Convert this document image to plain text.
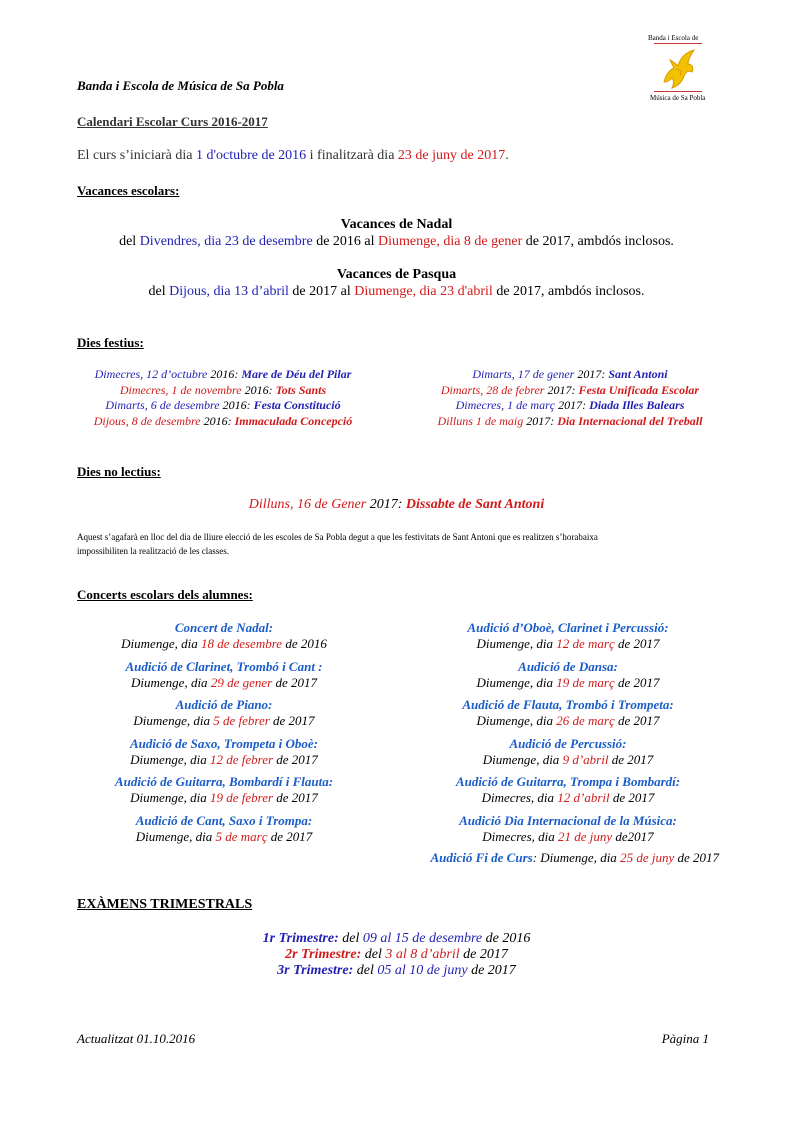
Banda i Escola de
Música de Sa Pobla
Banda i Escola de Música de Sa Pobla
Calendari Escolar Curs 2016-2017
El curs s’iniciarà dia 1 d'octubre de 2016 i finalitzarà dia 23 de juny de 2017.
Vacances escolars:
Vacances de Nadal
del Divendres, dia 23 de desembre de 2016 al Diumenge, dia 8 de gener de 2017, ambdós inclosos.
Vacances de Pasqua
del Dijous, dia 13 d’abril de 2017 al Diumenge, dia 23 d'abril de 2017, ambdós inclosos.
Dies festius:
Dimecres, 12 d’octubre 2016: Mare de Déu del Pilar
Dimecres, 1 de novembre 2016: Tots Sants
Dimarts, 6 de desembre 2016: Festa Constitució
Dijous, 8 de desembre 2016: Immaculada Concepció
Dimarts, 17 de gener 2017: Sant Antoni
Dimarts, 28 de febrer 2017: Festa Unificada Escolar
Dimecres, 1 de març 2017: Diada Illes Balears
Dilluns 1 de maig 2017: Dia Internacional del Treball
Dies no lectius:
Dilluns, 16 de Gener 2017: Dissabte de Sant Antoni
Aquest s’agafarà en lloc del dia de lliure elecció de les escoles de Sa Pobla degut a que les festivitats de Sant Antoni que es realitzen s’horabaixa
impossibiliten la realització de les classes.
Concerts escolars dels alumnes:
Concert de Nadal:
Diumenge, dia 18 de desembre de 2016
Audició de Clarinet, Trombó i Cant :
Diumenge, dia 29 de gener de 2017
Audició de Piano:
Diumenge, dia 5 de febrer de 2017
Audició de Saxo, Trompeta i Oboè:
Diumenge, dia 12 de febrer de 2017
Audició de Guitarra, Bombardí i Flauta:
Diumenge, dia 19 de febrer de 2017
Audició de Cant, Saxo i Trompa:
Diumenge, dia 5 de març de 2017
Audició d’Oboè, Clarinet i Percussió:
Diumenge, dia 12 de març de 2017
Audició de Dansa:
Diumenge, dia 19 de març de 2017
Audició de Flauta, Trombó i Trompeta:
Diumenge, dia 26 de març de 2017
Audició de Percussió:
Diumenge, dia 9 d’abril de 2017
Audició de Guitarra, Trompa i Bombardí:
Dimecres, dia 12 d’abril de 2017
Audició Dia Internacional de la Música:
Dimecres, dia 21 de juny de2017
Audició Fi de Curs: Diumenge, dia 25 de juny de 2017
EXÀMENS TRIMESTRALS
1r Trimestre: del 09 al 15 de desembre de 2016
2r Trimestre: del 3 al 8 d’abril de 2017
3r Trimestre: del 05 al 10 de juny de 2017
Actualitzat 01.10.2016	Pàgina 1
